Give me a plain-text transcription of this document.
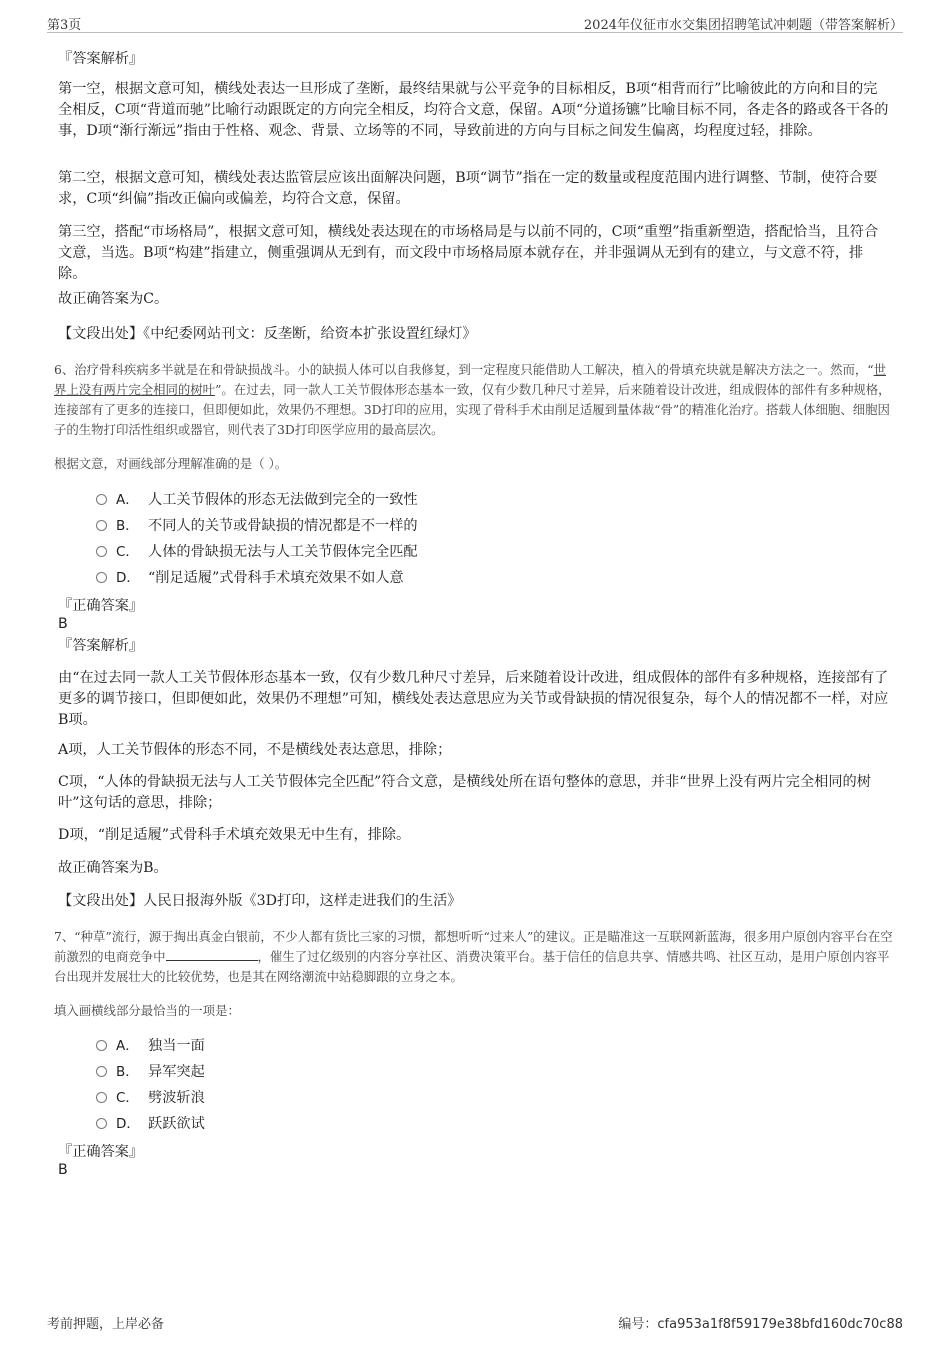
第3页	2024年仪征市水交集团招聘笔试冲刺题（带答案解析）
『答案解析』

第一空，根据文意可知，横线处表达一旦形成了垄断，最终结果就与公平竞争的目标相反，B项“相背而行”比喻彼此的方向和目的完全相反，C项“背道而驰”比喻行动跟既定的方向完全相反，均符合文意，保留。A项“分道扬镳”比喻目标不同，各走各的路或各干各的事，D项“渐行渐远”指由于性格、观念、背景、立场等的不同，导致前进的方向与目标之间发生偏离，均程度过轻，排除。

第二空，根据文意可知，横线处表达监管层应该出面解决问题，B项“调节”指在一定的数量或程度范围内进行调整、节制，使符合要求，C项“纠偏”指改正偏向或偏差，均符合文意，保留。

第三空，搭配“市场格局”，根据文意可知，横线处表达现在的市场格局是与以前不同的，C项“重塑”指重新塑造，搭配恰当，且符合文意，当选。B项“构建”指建立，侧重强调从无到有，而文段中市场格局原本就存在，并非强调从无到有的建立，与文意不符，排除。

故正确答案为C。

【文段出处】《中纪委网站刊文：反垄断，给资本扩张设置红绿灯》

6、治疗骨科疾病多半就是在和骨缺损战斗。小的缺损人体可以自我修复，到一定程度只能借助人工解决，植入的骨填充块就是解决方法之一。然而，“世界上没有两片完全相同的树叶”。在过去，同一款人工关节假体形态基本一致，仅有少数几种尺寸差异，后来随着设计改进，组成假体的部件有多种规格，连接部有了更多的连接口，但即便如此，效果仍不理想。3D打印的应用，实现了骨科手术由削足适履到量体裁“骨”的精准化治疗。搭载人体细胞、细胞因子的生物打印活性组织或器官，则代表了3D打印医学应用的最高层次。

根据文意，对画线部分理解准确的是（ ）。

A． 人工关节假体的形态无法做到完全的一致性
B． 不同人的关节或骨缺损的情况都是不一样的
C． 人体的骨缺损无法与人工关节假体完全匹配
D． “削足适履”式骨科手术填充效果不如人意
『正确答案』
B
『答案解析』

由“在过去同一款人工关节假体形态基本一致，仅有少数几种尺寸差异，后来随着设计改进，组成假体的部件有多种规格，连接部有了更多的调节接口，但即便如此，效果仍不理想”可知，横线处表达意思应为关节或骨缺损的情况很复杂，每个人的情况都不一样，对应B项。

A项，人工关节假体的形态不同，不是横线处表达意思，排除；

C项，“人体的骨缺损无法与人工关节假体完全匹配”符合文意，是横线处所在语句整体的意思，并非“世界上没有两片完全相同的树叶”这句话的意思，排除；

D项，“削足适履”式骨科手术填充效果无中生有，排除。

故正确答案为B。

【文段出处】人民日报海外版《3D打印，这样走进我们的生活》

7、“种草”流行，源于掏出真金白银前，不少人都有货比三家的习惯，都想听听“过来人”的建议。正是瞄准这一互联网新蓝海，很多用户原创内容平台在空前激烈的电商竞争中	，催生了过亿级别的内容分享社区、消费决策平台。基于信任的信息共享、情感共鸣、社区互动，是用户原创内容平台出现并发展壮大的比较优势，也是其在网络潮流中站稳脚跟的立身之本。

填入画横线部分最恰当的一项是：

A． 独当一面
B． 异军突起
C． 劈波斩浪
D． 跃跃欲试
『正确答案』
B
考前押题，上岸必备	编号：cfa953a1f8f59179e38bfd160dc70c88
